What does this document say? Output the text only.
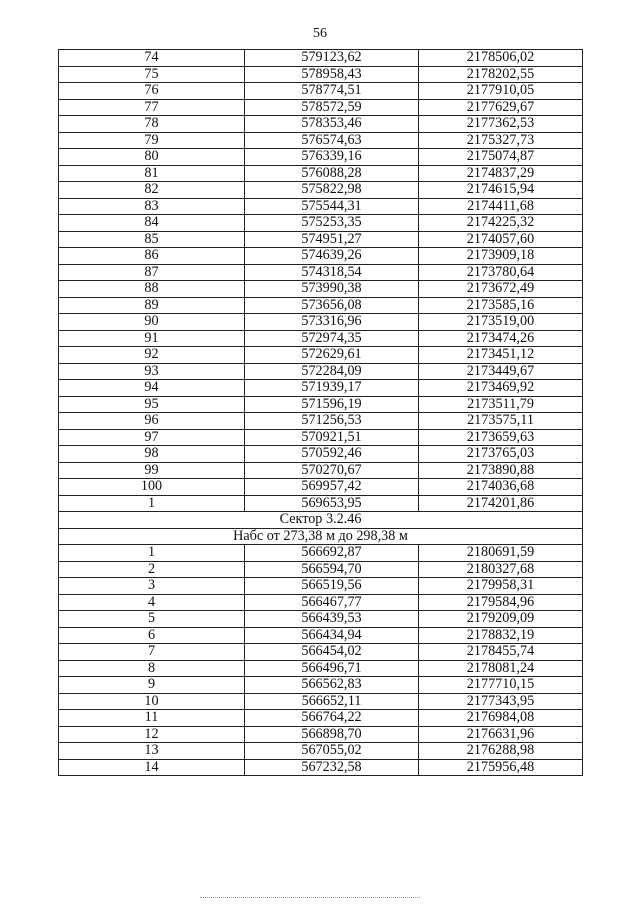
56
74	579123,62	2178506,02
75	578958,43	2178202,55
76	578774,51	2177910,05
77	578572,59	2177629,67
78	578353,46	2177362,53
79	576574,63	2175327,73
80	576339,16	2175074,87
81	576088,28	2174837,29
82	575822,98	2174615,94
83	575544,31	2174411,68
84	575253,35	2174225,32
85	574951,27	2174057,60
86	574639,26	2173909,18
87	574318,54	2173780,64
88	573990,38	2173672,49
89	573656,08	2173585,16
90	573316,96	2173519,00
91	572974,35	2173474,26
92	572629,61	2173451,12
93	572284,09	2173449,67
94	571939,17	2173469,92
95	571596,19	2173511,79
96	571256,53	2173575,11
97	570921,51	2173659,63
98	570592,46	2173765,03
99	570270,67	2173890,88
100	569957,42	2174036,68
1	569653,95	2174201,86
Сектор 3.2.46		
Набс от 273,38 м до 298,38 м		
1	566692,87	2180691,59
2	566594,70	2180327,68
3	566519,56	2179958,31
4	566467,77	2179584,96
5	566439,53	2179209,09
6	566434,94	2178832,19
7	566454,02	2178455,74
8	566496,71	2178081,24
9	566562,83	2177710,15
10	566652,11	2177343,95
11	566764,22	2176984,08
12	566898,70	2176631,96
13	567055,02	2176288,98
14	567232,58	2175956,48
